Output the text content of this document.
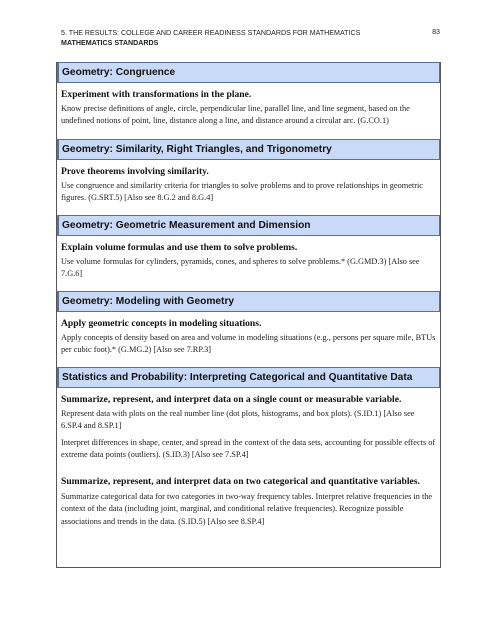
5. THE RESULTS: COLLEGE AND CAREER READINESS STANDARDS FOR MATHEMATICS
MATHEMATICS STANDARDS
83
Geometry: Congruence
Experiment with transformations in the plane.
Know precise definitions of angle, circle, perpendicular line, parallel line, and line segment, based on the undefined notions of point, line, distance along a line, and distance around a circular arc. (G.CO.1)
Geometry: Similarity, Right Triangles, and Trigonometry
Prove theorems involving similarity.
Use congruence and similarity criteria for triangles to solve problems and to prove relationships in geometric figures. (G.SRT.5) [Also see 8.G.2 and 8.G.4]
Geometry: Geometric Measurement and Dimension
Explain volume formulas and use them to solve problems.
Use volume formulas for cylinders, pyramids, cones, and spheres to solve problems.* (G.GMD.3) [Also see 7.G.6]
Geometry: Modeling with Geometry
Apply geometric concepts in modeling situations.
Apply concepts of density based on area and volume in modeling situations (e.g., persons per square mile, BTUs per cubic foot).* (G.MG.2) [Also see 7.RP.3]
Statistics and Probability: Interpreting Categorical and Quantitative Data
Summarize, represent, and interpret data on a single count or measurable variable.
Represent data with plots on the real number line (dot plots, histograms, and box plots). (S.ID.1) [Also see 6.SP.4 and 8.SP.1]
Interpret differences in shape, center, and spread in the context of the data sets, accounting for possible effects of extreme data points (outliers). (S.ID.3) [Also see 7.SP.4]
Summarize, represent, and interpret data on two categorical and quantitative variables.
Summarize categorical data for two categories in two-way frequency tables. Interpret relative frequencies in the context of the data (including joint, marginal, and conditional relative frequencies). Recognize possible associations and trends in the data. (S.ID.5) [Also see 8.SP.4]
